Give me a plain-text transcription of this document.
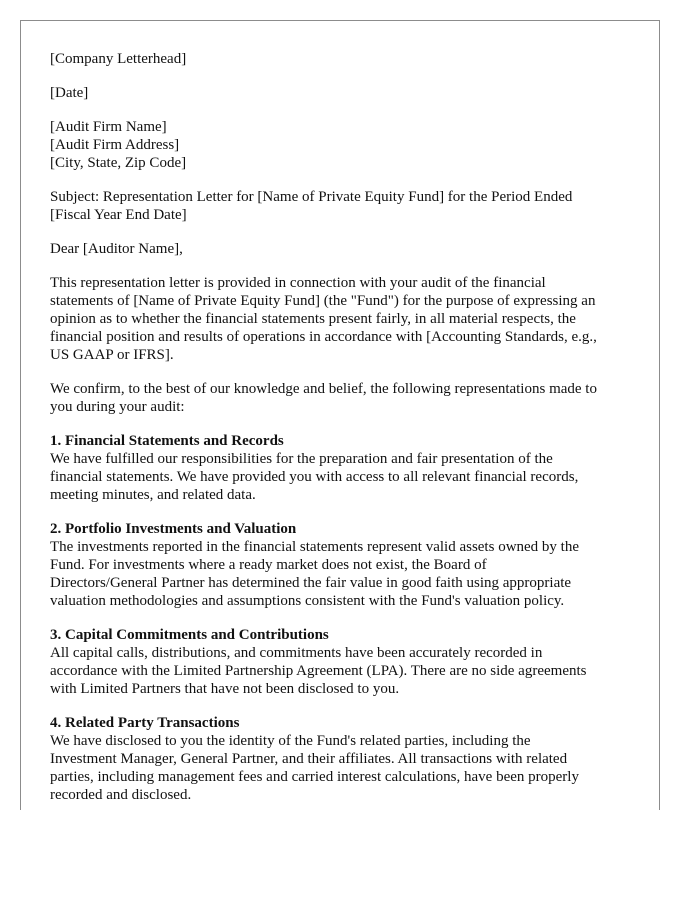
[Company Letterhead]

[Date]

[Audit Firm Name]
[Audit Firm Address]
[City, State, Zip Code]

Subject: Representation Letter for [Name of Private Equity Fund] for the Period Ended
[Fiscal Year End Date]

Dear [Auditor Name],

This representation letter is provided in connection with your audit of the financial
statements of [Name of Private Equity Fund] (the "Fund") for the purpose of expressing an
opinion as to whether the financial statements present fairly, in all material respects, the
financial position and results of operations in accordance with [Accounting Standards, e.g.,
US GAAP or IFRS].

We confirm, to the best of our knowledge and belief, the following representations made to
you during your audit:

1. Financial Statements and Records
We have fulfilled our responsibilities for the preparation and fair presentation of the
financial statements. We have provided you with access to all relevant financial records,
meeting minutes, and related data.
2. Portfolio Investments and Valuation
The investments reported in the financial statements represent valid assets owned by the
Fund. For investments where a ready market does not exist, the Board of
Directors/General Partner has determined the fair value in good faith using appropriate
valuation methodologies and assumptions consistent with the Fund's valuation policy.
3. Capital Commitments and Contributions
All capital calls, distributions, and commitments have been accurately recorded in
accordance with the Limited Partnership Agreement (LPA). There are no side agreements
with Limited Partners that have not been disclosed to you.
4. Related Party Transactions
We have disclosed to you the identity of the Fund's related parties, including the
Investment Manager, General Partner, and their affiliates. All transactions with related
parties, including management fees and carried interest calculations, have been properly
recorded and disclosed.
